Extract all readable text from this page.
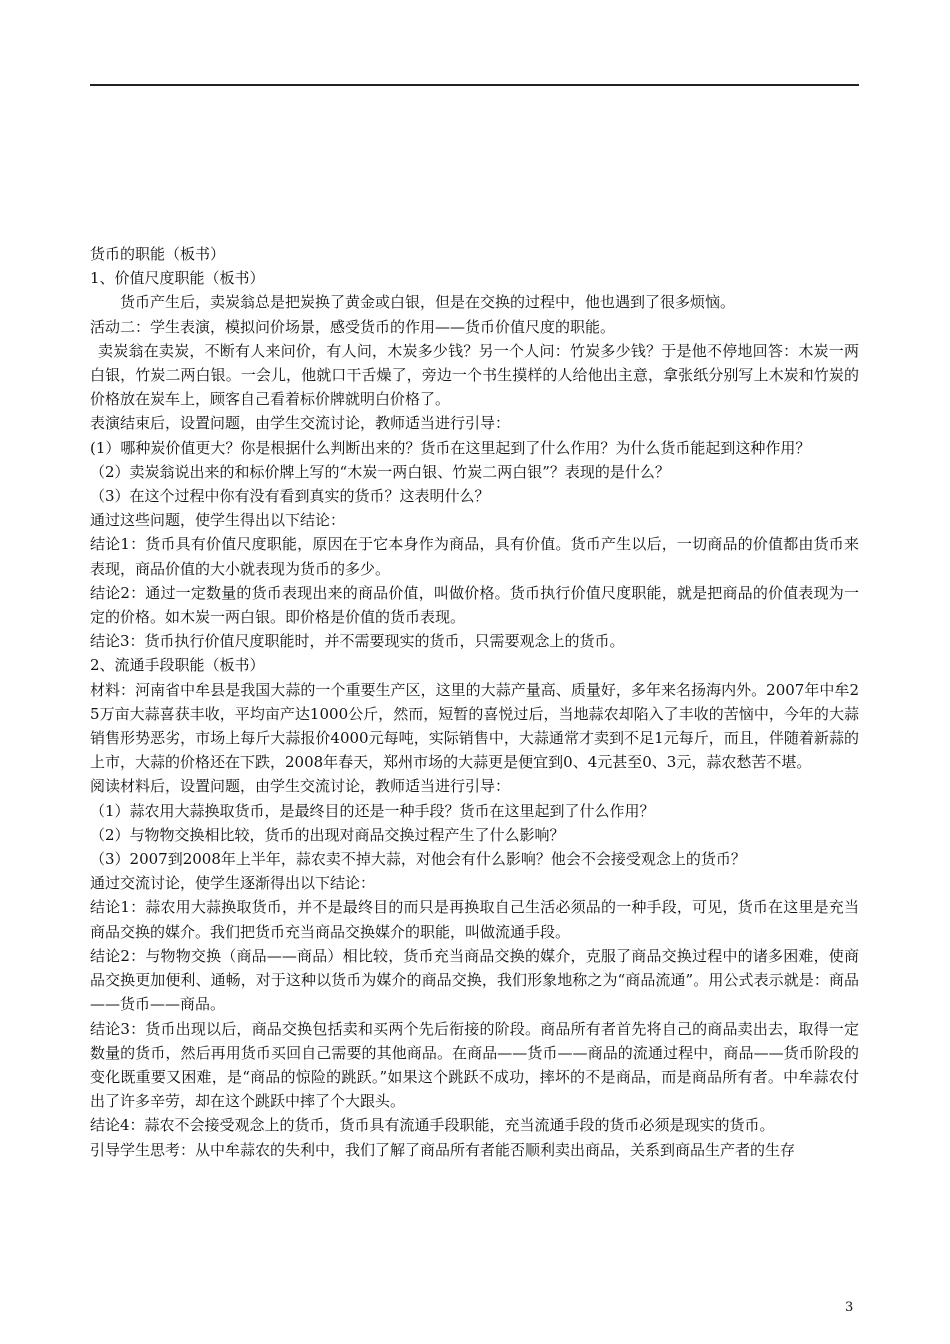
货币的职能（板书）

1、价值尺度职能（板书）

货币产生后，卖炭翁总是把炭换了黄金或白银，但是在交换的过程中，他也遇到了很多烦恼。

活动二：学生表演，模拟问价场景，感受货币的作用——货币价值尺度的职能。

卖炭翁在卖炭，不断有人来问价，有人问，木炭多少钱？另一个人问：竹炭多少钱？于是他不停地回答：木炭一两白银，竹炭二两白银。一会儿，他就口干舌燥了，旁边一个书生摸样的人给他出主意，拿张纸分别写上木炭和竹炭的价格放在炭车上，顾客自己看着标价牌就明白价格了。

表演结束后，设置问题，由学生交流讨论，教师适当进行引导：

(1）哪种炭价值更大？你是根据什么判断出来的？货币在这里起到了什么作用？为什么货币能起到这种作用？

（2）卖炭翁说出来的和标价牌上写的“木炭一两白银、竹炭二两白银”？表现的是什么？

（3）在这个过程中你有没有看到真实的货币？这表明什么？

通过这些问题，使学生得出以下结论：

结论1：货币具有价值尺度职能，原因在于它本身作为商品，具有价值。货币产生以后，一切商品的价值都由货币来表现，商品价值的大小就表现为货币的多少。

结论2：通过一定数量的货币表现出来的商品价值，叫做价格。货币执行价值尺度职能，就是把商品的价值表现为一定的价格。如木炭一两白银。即价格是价值的货币表现。

结论3：货币执行价值尺度职能时，并不需要现实的货币，只需要观念上的货币。

2、流通手段职能（板书）

材料：河南省中牟县是我国大蒜的一个重要生产区，这里的大蒜产量高、质量好，多年来名扬海内外。2007年中牟25万亩大蒜喜获丰收，平均亩产达1000公斤，然而，短暂的喜悦过后，当地蒜农却陷入了丰收的苦恼中，今年的大蒜销售形势恶劣，市场上每斤大蒜报价4000元每吨，实际销售中，大蒜通常才卖到不足1元每斤，而且，伴随着新蒜的上市，大蒜的价格还在下跌，2008年春天，郑州市场的大蒜更是便宜到0、4元甚至0、3元，蒜农愁苦不堪。

阅读材料后，设置问题，由学生交流讨论，教师适当进行引导：

（1）蒜农用大蒜换取货币，是最终目的还是一种手段？货币在这里起到了什么作用？

（2）与物物交换相比较，货币的出现对商品交换过程产生了什么影响？

（3）2007到2008年上半年，蒜农卖不掉大蒜，对他会有什么影响？他会不会接受观念上的货币？

通过交流讨论，使学生逐渐得出以下结论：

结论1：蒜农用大蒜换取货币，并不是最终目的而只是再换取自己生活必须品的一种手段，可见，货币在这里是充当商品交换的媒介。我们把货币充当商品交换媒介的职能，叫做流通手段。

结论2：与物物交换（商品——商品）相比较，货币充当商品交换的媒介，克服了商品交换过程中的诸多困难，使商品交换更加便利、通畅，对于这种以货币为媒介的商品交换，我们形象地称之为“商品流通”。用公式表示就是：商品——货币——商品。

结论3：货币出现以后，商品交换包括卖和买两个先后衔接的阶段。商品所有者首先将自己的商品卖出去，取得一定数量的货币，然后再用货币买回自己需要的其他商品。在商品——货币——商品的流通过程中，商品——货币阶段的变化既重要又困难，是“商品的惊险的跳跃。”如果这个跳跃不成功，摔坏的不是商品，而是商品所有者。中牟蒜农付出了许多辛劳，却在这个跳跃中摔了个大跟头。

结论4：蒜农不会接受观念上的货币，货币具有流通手段职能，充当流通手段的货币必须是现实的货币。

引导学生思考：从中牟蒜农的失利中，我们了解了商品所有者能否顺利卖出商品，关系到商品生产者的生存

3
